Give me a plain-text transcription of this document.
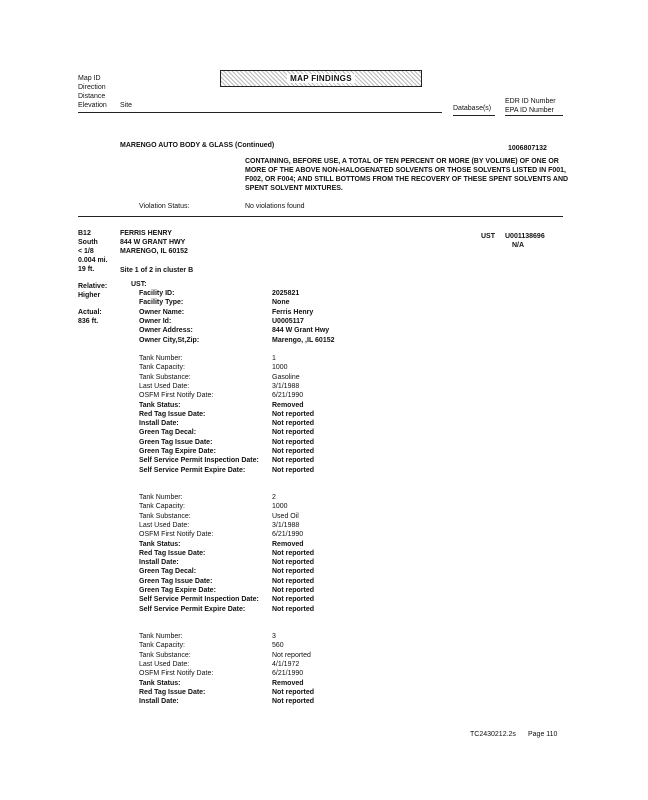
Map ID
Direction
Distance
Elevation Site
MAP FINDINGS
Database(s)
EDR ID Number
EPA ID Number
MARENGO AUTO BODY & GLASS (Continued)	1006807132
CONTAINING, BEFORE USE, A TOTAL OF TEN PERCENT OR MORE (BY VOLUME) OF ONE OR MORE OF THE ABOVE NON-HALOGENATED SOLVENTS OR THOSE SOLVENTS LISTED IN F001, F002, OR F004; AND STILL BOTTOMS FROM THE RECOVERY OF THESE SPENT SOLVENTS AND SPENT SOLVENT MIXTURES.
Violation Status:	No violations found
B12
South
< 1/8
0.004 mi.
19 ft.
Relative:
Higher
Actual:
836 ft.
FERRIS HENRY
844 W GRANT HWY
MARENGO, IL 60152
Site 1 of 2 in cluster B
UST U001138696
N/A
UST:
Facility ID:	2025821
Facility Type:	None
Owner Name:	Ferris Henry
Owner Id:	U0005117
Owner Address:	844 W Grant Hwy
Owner City,St,Zip:	Marengo, ,IL 60152
Tank Number:	1
Tank Capacity:	1000
Tank Substance:	Gasoline
Last Used Date:	3/1/1988
OSFM First Notify Date:	6/21/1990
Tank Status:	Removed
Red Tag Issue Date:	Not reported
Install Date:	Not reported
Green Tag Decal:	Not reported
Green Tag Issue Date:	Not reported
Green Tag Expire Date:	Not reported
Self Service Permit Inspection Date: Not reported
Self Service Permit Expire Date:	Not reported
Tank Number:	2
Tank Capacity:	1000
Tank Substance:	Used Oil
Last Used Date:	3/1/1988
OSFM First Notify Date:	6/21/1990
Tank Status:	Removed
Red Tag Issue Date:	Not reported
Install Date:	Not reported
Green Tag Decal:	Not reported
Green Tag Issue Date:	Not reported
Green Tag Expire Date:	Not reported
Self Service Permit Inspection Date: Not reported
Self Service Permit Expire Date:	Not reported
Tank Number:	3
Tank Capacity:	560
Tank Substance:	Not reported
Last Used Date:	4/1/1972
OSFM First Notify Date:	6/21/1990
Tank Status:	Removed
Red Tag Issue Date:	Not reported
Install Date:	Not reported
TC2430212.2s Page 110
